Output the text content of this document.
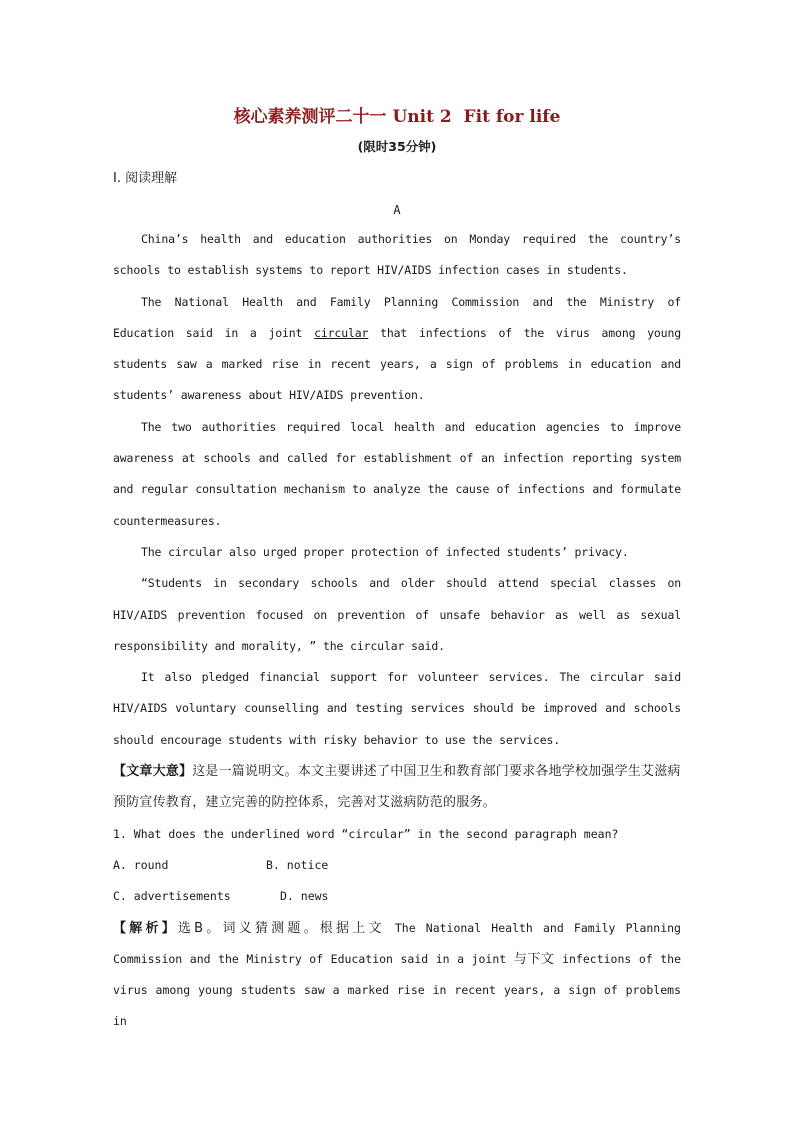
核心素养测评二十一 Unit 2  Fit for life

(限时35分钟)

Ⅰ. 阅读理解

A

China’s health and education authorities on Monday required the country’s schools to establish systems to report HIV/AIDS infection cases in students.

The National Health and Family Planning Commission and the Ministry of Education said in a joint circular that infections of the virus among young students saw a marked rise in recent years, a sign of problems in education and students’ awareness about HIV/AIDS prevention.

The two authorities required local health and education agencies to improve awareness at schools and called for establishment of an infection reporting system and regular consultation mechanism to analyze the cause of infections and formulate countermeasures.

The circular also urged proper protection of infected students’ privacy.

“Students in secondary schools and older should attend special classes on HIV/AIDS prevention focused on prevention of unsafe behavior as well as sexual responsibility and morality, ” the circular said.

It also pledged financial support for volunteer services. The circular said HIV/AIDS voluntary counselling and testing services should be improved and schools should encourage students with risky behavior to use the services.

【文章大意】这是一篇说明文。本文主要讲述了中国卫生和教育部门要求各地学校加强学生艾滋病预防宣传教育，建立完善的防控体系，完善对艾滋病防范的服务。

1. What does the underlined word “circular” in the second paragraph mean?

A. round	B. notice
C. advertisements	D. news

【解析】选B。词义猜测题。根据上文 The National Health and Family Planning Commission and the Ministry of Education said in a joint 与下文 infections of the virus among young students saw a marked rise in recent years, a sign of problems in
